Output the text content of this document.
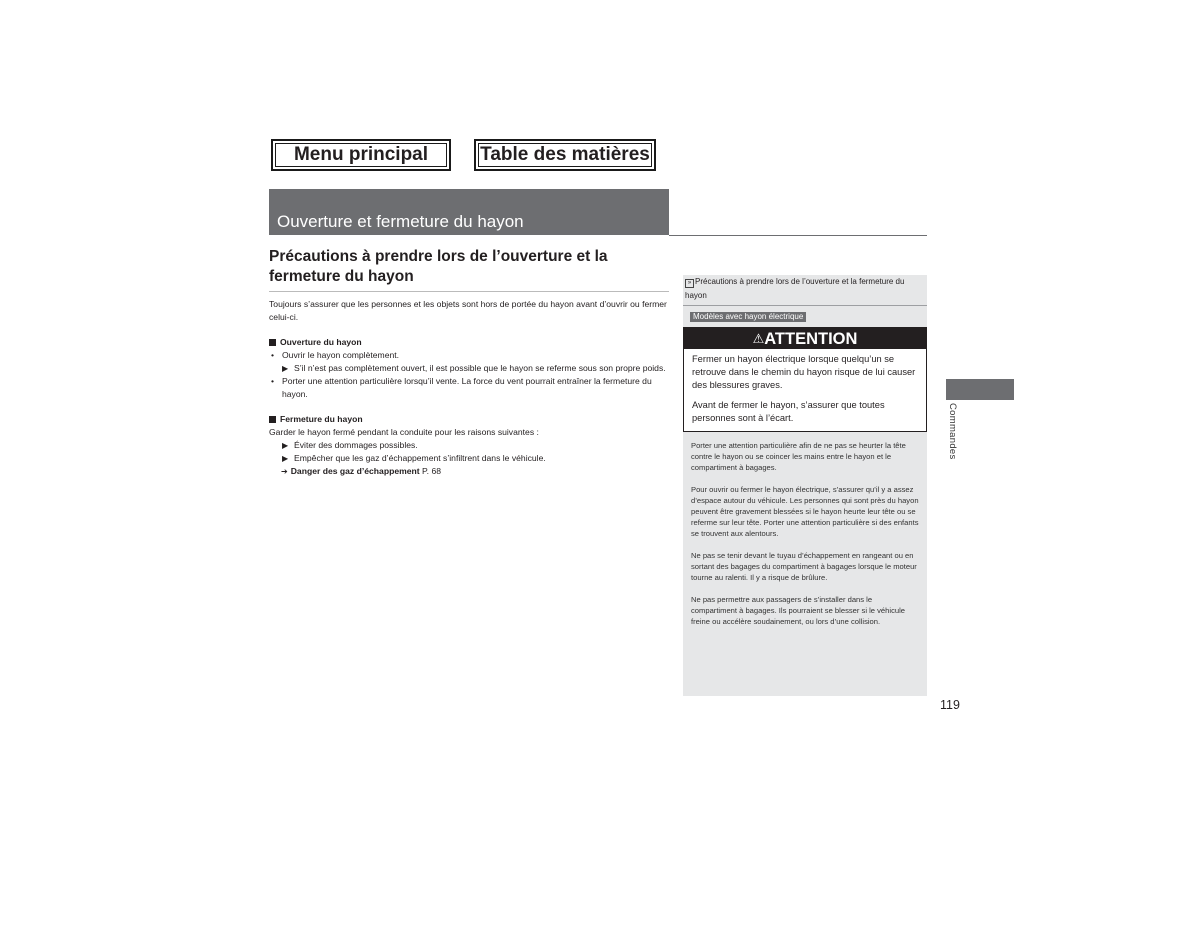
Menu principal	Table des matières
Ouverture et fermeture du hayon
Précautions à prendre lors de l’ouverture et la fermeture du hayon

Toujours s’assurer que les personnes et les objets sont hors de portée du hayon avant d’ouvrir ou fermer celui-ci.

Ouverture du hayon
• Ouvrir le hayon complètement.
▶ S’il n’est pas complètement ouvert, il est possible que le hayon se referme sous son propre poids.
• Porter une attention particulière lorsqu’il vente. La force du vent pourrait entraîner la fermeture du hayon.
Fermeture du hayon

Garder le hayon fermé pendant la conduite pour les raisons suivantes :

▶ Éviter des dommages possibles.
▶ Empêcher que les gaz d’échappement s’infiltrent dans le véhicule.
➔ Danger des gaz d’échappement P. 68
» Précautions à prendre lors de l’ouverture et la fermeture du hayon
Modèles avec hayon électrique
⚠ATTENTION

Fermer un hayon électrique lorsque quelqu’un se retrouve dans le chemin du hayon risque de lui causer des blessures graves.

Avant de fermer le hayon, s’assurer que toutes personnes sont à l’écart.

Porter une attention particulière afin de ne pas se heurter la tête contre le hayon ou se coincer les mains entre le hayon et le compartiment à bagages.

Pour ouvrir ou fermer le hayon électrique, s’assurer qu’il y a assez d’espace autour du véhicule. Les personnes qui sont près du hayon peuvent être gravement blessées si le hayon heurte leur tête ou se referme sur leur tête. Porter une attention particulière si des enfants se trouvent aux alentours.

Ne pas se tenir devant le tuyau d’échappement en rangeant ou en sortant des bagages du compartiment à bagages lorsque le moteur tourne au ralenti. Il y a risque de brûlure.

Ne pas permettre aux passagers de s’installer dans le compartiment à bagages. Ils pourraient se blesser si le véhicule freine ou accélère soudainement, ou lors d’une collision.

Commandes
119
